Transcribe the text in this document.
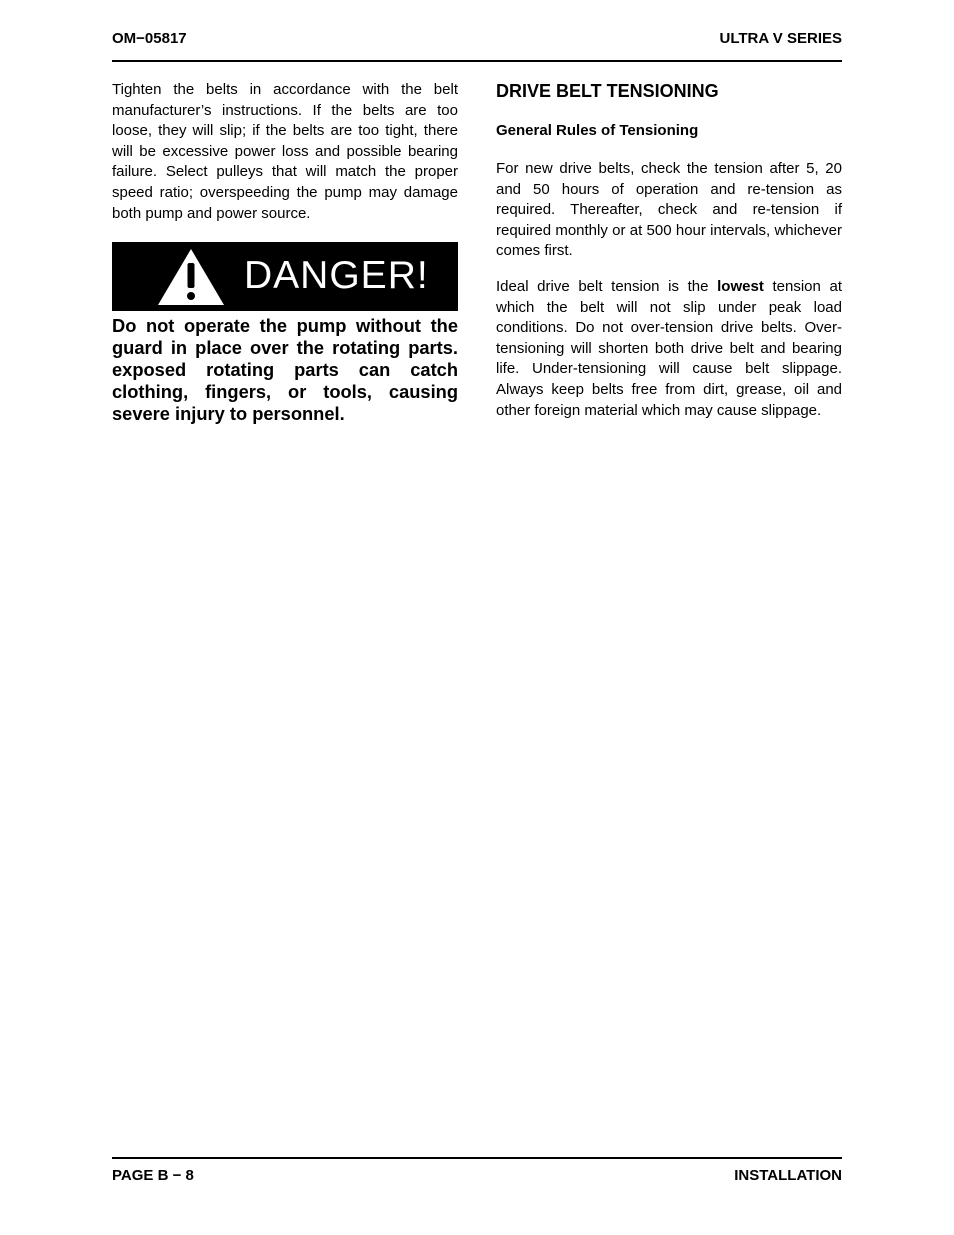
OM−05817	ULTRA V SERIES

Tighten the belts in accordance with the belt manufacturer’s instructions. If the belts are too loose, they will slip; if the belts are too tight, there will be excessive power loss and possible bearing failure. Select pulleys that will match the proper speed ratio; overspeeding the pump may damage both pump and power source.

DANGER!

Do not operate the pump without the guard in place over the rotating parts. exposed rotating parts can catch clothing, fingers, or tools, causing severe injury to personnel.

DRIVE BELT TENSIONING
General Rules of Tensioning

For new drive belts, check the tension after 5, 20 and 50 hours of operation and re-tension as required. Thereafter, check and re-tension if required monthly or at 500 hour intervals, whichever comes first.

Ideal drive belt tension is the lowest tension at which the belt will not slip under peak load conditions. Do not over-tension drive belts. Over-tensioning will shorten both drive belt and bearing life. Under-tensioning will cause belt slippage. Always keep belts free from dirt, grease, oil and other foreign material which may cause slippage.

PAGE B − 8	INSTALLATION
